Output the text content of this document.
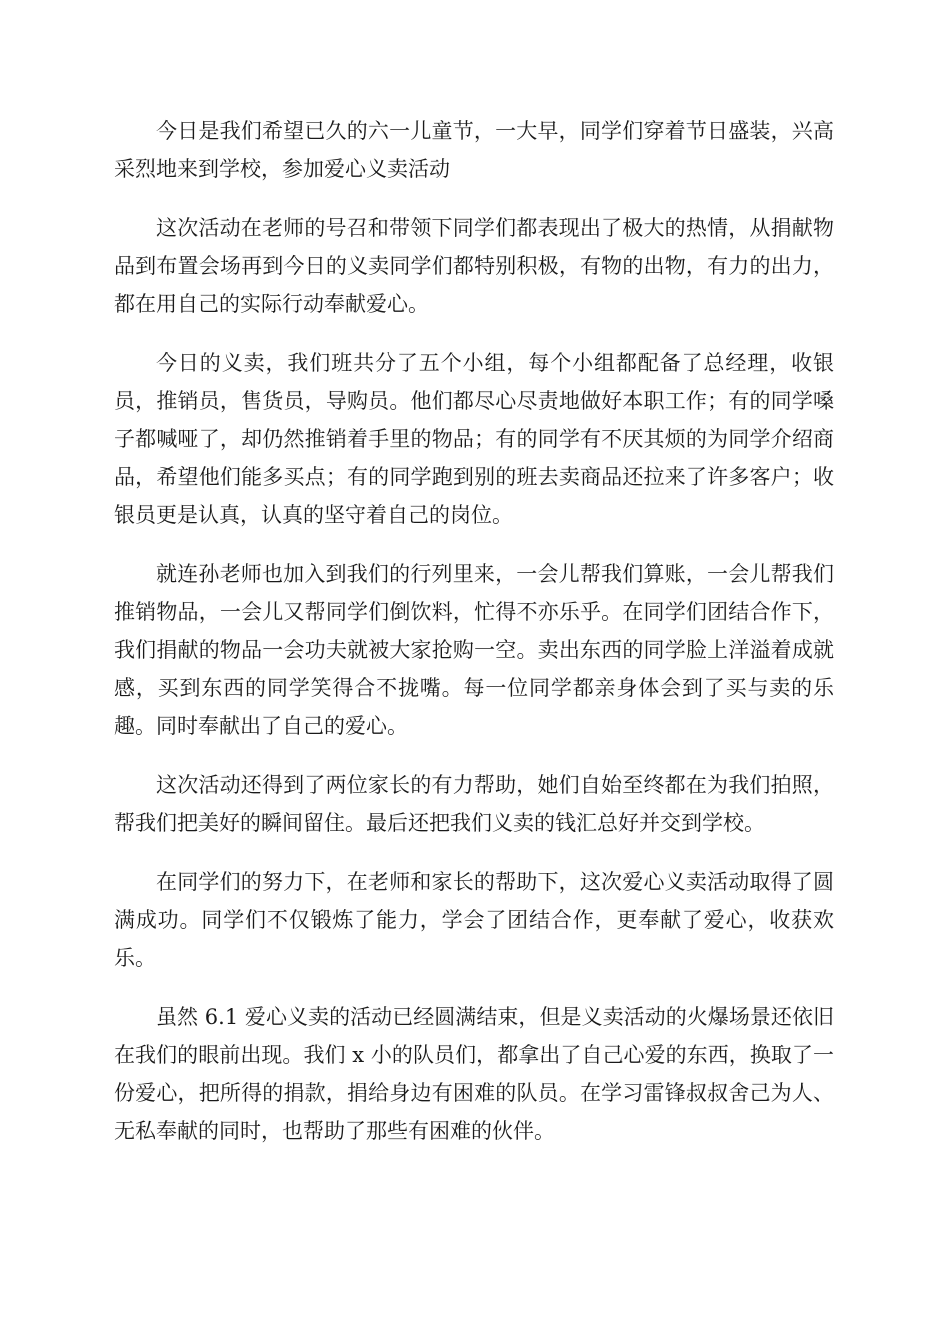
今日是我们希望已久的六一儿童节，一大早，同学们穿着节日盛装，兴高采烈地来到学校，参加爱心义卖活动

这次活动在老师的号召和带领下同学们都表现出了极大的热情，从捐献物品到布置会场再到今日的义卖同学们都特别积极，有物的出物，有力的出力，都在用自己的实际行动奉献爱心。

今日的义卖，我们班共分了五个小组，每个小组都配备了总经理，收银员，推销员，售货员，导购员。他们都尽心尽责地做好本职工作；有的同学嗓子都喊哑了，却仍然推销着手里的物品；有的同学有不厌其烦的为同学介绍商品，希望他们能多买点；有的同学跑到别的班去卖商品还拉来了许多客户；收银员更是认真，认真的坚守着自己的岗位。

就连孙老师也加入到我们的行列里来，一会儿帮我们算账，一会儿帮我们推销物品，一会儿又帮同学们倒饮料，忙得不亦乐乎。在同学们团结合作下，我们捐献的物品一会功夫就被大家抢购一空。卖出东西的同学脸上洋溢着成就感，买到东西的同学笑得合不拢嘴。每一位同学都亲身体会到了买与卖的乐趣。同时奉献出了自己的爱心。

这次活动还得到了两位家长的有力帮助，她们自始至终都在为我们拍照，帮我们把美好的瞬间留住。最后还把我们义卖的钱汇总好并交到学校。

在同学们的努力下，在老师和家长的帮助下，这次爱心义卖活动取得了圆满成功。同学们不仅锻炼了能力，学会了团结合作，更奉献了爱心，收获欢乐。

虽然 6.1 爱心义卖的活动已经圆满结束，但是义卖活动的火爆场景还依旧在我们的眼前出现。我们 x 小的队员们，都拿出了自己心爱的东西，换取了一份爱心，把所得的捐款，捐给身边有困难的队员。在学习雷锋叔叔舍己为人、无私奉献的同时，也帮助了那些有困难的伙伴。
